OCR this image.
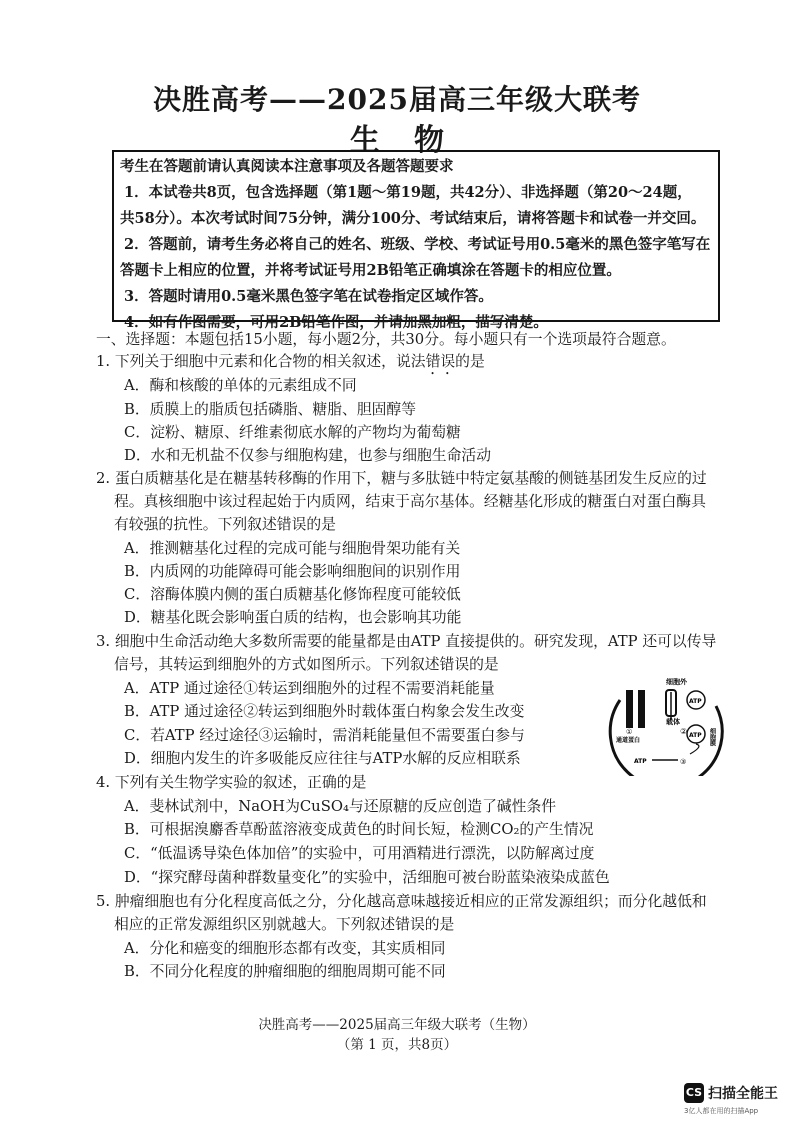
决胜高考——2025届高三年级大联考
生物
考生在答题前请认真阅读本注意事项及各题答题要求
1．本试卷共8页，包含选择题（第1题～第19题，共42分）、非选择题（第20～24题，
共58分）。本次考试时间75分钟，满分100分、考试结束后，请将答题卡和试卷一并交回。
2．答题前，请考生务必将自己的姓名、班级、学校、考试证号用0.5毫米的黑色签字笔写在
答题卡上相应的位置，并将考试证号用2B铅笔正确填涂在答题卡的相应位置。
3．答题时请用0.5毫米黑色签字笔在试卷指定区域作答。
4．如有作图需要，可用2B铅笔作图，并请加黑加粗，描写清楚。
一、选择题：本题包括15小题，每小题2分，共30分。每小题只有一个选项最符合题意。
1. 下列关于细胞中元素和化合物的相关叙述，说法错误的是
A．酶和核酸的单体的元素组成不同
B．质膜上的脂质包括磷脂、糖脂、胆固醇等
C．淀粉、糖原、纤维素彻底水解的产物均为葡萄糖
D．水和无机盐不仅参与细胞构建，也参与细胞生命活动
2. 蛋白质糖基化是在糖基转移酶的作用下，糖与多肽链中特定氨基酸的侧链基团发生反应的过
程。真核细胞中该过程起始于内质网，结束于高尔基体。经糖基化形成的糖蛋白对蛋白酶具
有较强的抗性。下列叙述错误的是
A．推测糖基化过程的完成可能与细胞骨架功能有关
B．内质网的功能障碍可能会影响细胞间的识别作用
C．溶酶体膜内侧的蛋白质糖基化修饰程度可能较低
D．糖基化既会影响蛋白质的结构，也会影响其功能
3. 细胞中生命活动绝大多数所需要的能量都是由ATP 直接提供的。研究发现，ATP 还可以传导
信号，其转运到细胞外的方式如图所示。下列叙述错误的是
A．ATP 通过途径①转运到细胞外的过程不需要消耗能量
B．ATP 通过途径②转运到细胞外时载体蛋白构象会发生改变
C．若ATP 经过途径③运输时，需消耗能量但不需要蛋白参与
D．细胞内发生的许多吸能反应往往与ATP水解的反应相联系
细胞外
细胞膜
载体
通道蛋白
ATP
ATP
ATP
①	②
③
4. 下列有关生物学实验的叙述，正确的是
A．斐林试剂中，NaOH为CuSO₄与还原糖的反应创造了碱性条件
B．可根据溴麝香草酚蓝溶液变成黄色的时间长短，检测CO₂的产生情况
C．“低温诱导染色体加倍”的实验中，可用酒精进行漂洗，以防解离过度
D．“探究酵母菌种群数量变化”的实验中，活细胞可被台盼蓝染液染成蓝色
5. 肿瘤细胞也有分化程度高低之分，分化越高意味越接近相应的正常发源组织；而分化越低和
相应的正常发源组织区别就越大。下列叙述错误的是
A．分化和癌变的细胞形态都有改变，其实质相同
B．不同分化程度的肿瘤细胞的细胞周期可能不同
决胜高考——2025届高三年级大联考（生物）
（第 1 页，共8页）
CS 扫描全能王
3亿人都在用的扫描App
